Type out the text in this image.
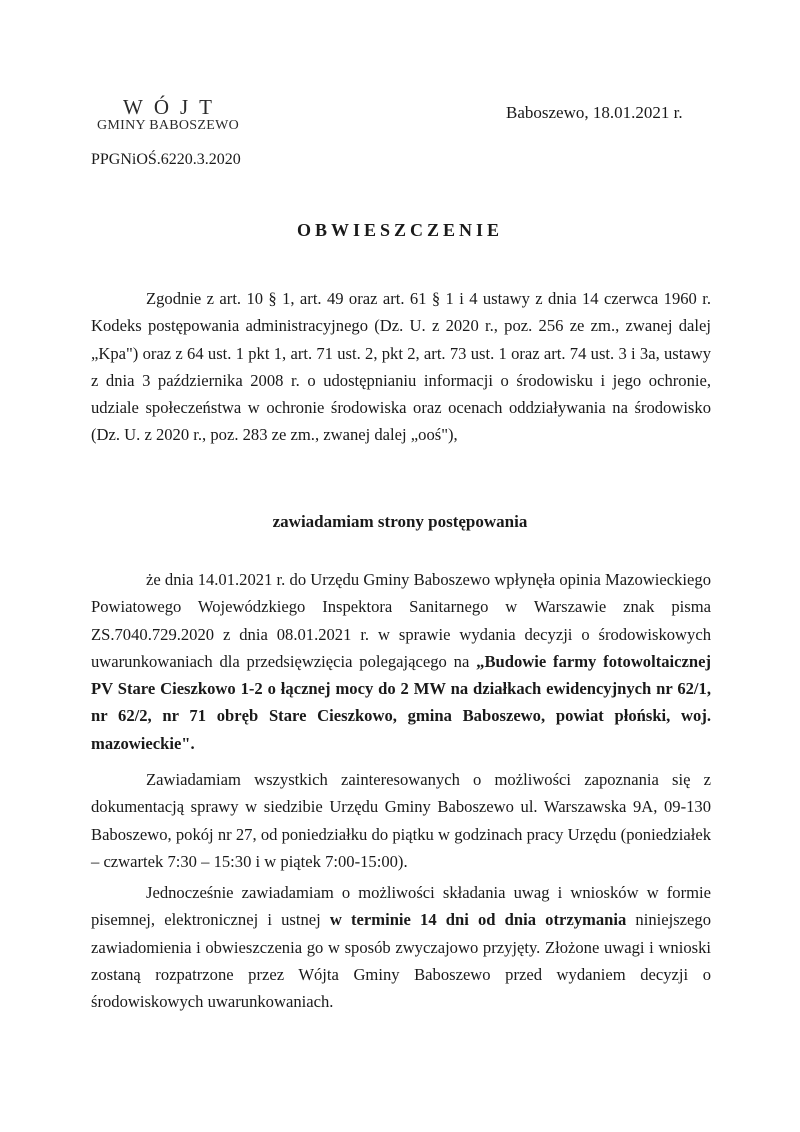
WÓJT
GMINY BABOSZEWO
Baboszewo, 18.01.2021 r.
PPGNiOŚ.6220.3.2020
OBWIESZCZENIE

Zgodnie z art. 10 § 1, art. 49 oraz art. 61 § 1 i 4 ustawy z dnia 14 czerwca 1960 r. Kodeks postępowania administracyjnego (Dz. U. z 2020 r., poz. 256 ze zm., zwanej dalej „Kpa") oraz z 64 ust. 1 pkt 1, art. 71 ust. 2, pkt 2, art. 73 ust. 1 oraz art. 74 ust. 3 i 3a, ustawy z dnia 3 października 2008 r. o udostępnianiu informacji o środowisku i jego ochronie, udziale społeczeństwa w ochronie środowiska oraz ocenach oddziaływania na środowisko (Dz. U. z 2020 r., poz. 283 ze zm., zwanej dalej „ooś"),

zawiadamiam strony postępowania

że dnia 14.01.2021 r. do Urzędu Gminy Baboszewo wpłynęła opinia Mazowieckiego Powiatowego Wojewódzkiego Inspektora Sanitarnego w Warszawie znak pisma ZS.7040.729.2020 z dnia 08.01.2021 r. w sprawie wydania decyzji o środowiskowych uwarunkowaniach dla przedsięwzięcia polegającego na „Budowie farmy fotowoltaicznej PV Stare Cieszkowo 1-2 o łącznej mocy do 2 MW na działkach ewidencyjnych nr 62/1, nr 62/2, nr 71 obręb Stare Cieszkowo, gmina Baboszewo, powiat płoński, woj. mazowieckie".

Zawiadamiam wszystkich zainteresowanych o możliwości zapoznania się z dokumentacją sprawy w siedzibie Urzędu Gminy Baboszewo ul. Warszawska 9A, 09-130 Baboszewo, pokój nr 27, od poniedziałku do piątku w godzinach pracy Urzędu (poniedziałek – czwartek 7:30 – 15:30 i w piątek 7:00-15:00).

Jednocześnie zawiadamiam o możliwości składania uwag i wniosków w formie pisemnej, elektronicznej i ustnej w terminie 14 dni od dnia otrzymania niniejszego zawiadomienia i obwieszczenia go w sposób zwyczajowo przyjęty. Złożone uwagi i wnioski zostaną rozpatrzone przez Wójta Gminy Baboszewo przed wydaniem decyzji o środowiskowych uwarunkowaniach.
